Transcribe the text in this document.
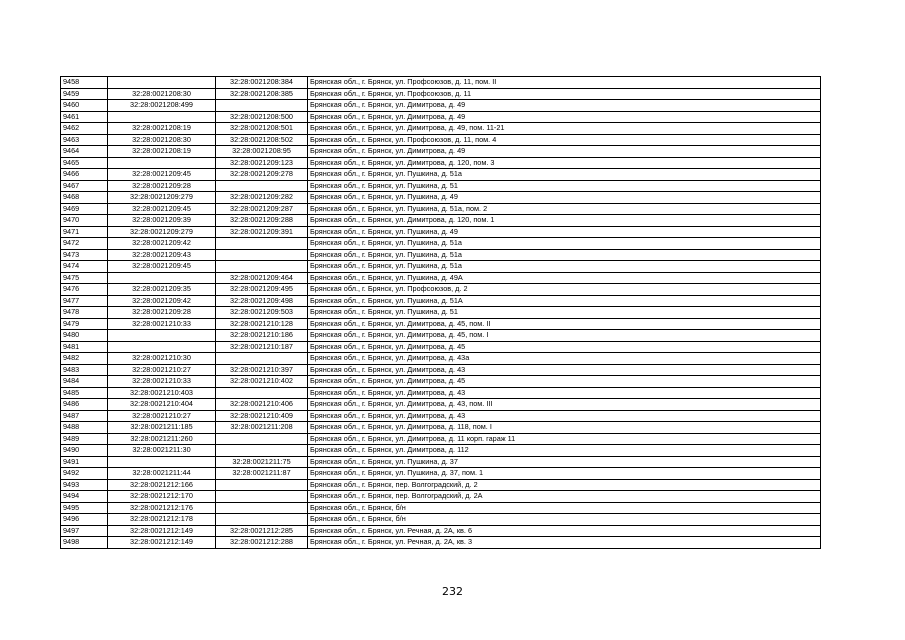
9458		32:28:0021208:384	Брянская обл., г. Брянск, ул. Профсоюзов, д. 11, пом. II
9459	32:28:0021208:30	32:28:0021208:385	Брянская обл., г. Брянск, ул. Профсоюзов, д. 11
9460	32:28:0021208:499		Брянская обл., г. Брянск, ул. Димитрова, д. 49
9461		32:28:0021208:500	Брянская обл., г. Брянск, ул. Димитрова, д. 49
9462	32:28:0021208:19	32:28:0021208:501	Брянская обл., г. Брянск, ул. Димитрова, д. 49, пом. 11-21
9463	32:28:0021208:30	32:28:0021208:502	Брянская обл., г. Брянск, ул. Профсоюзов, д. 11, пом. 4
9464	32:28:0021208:19	32:28:0021208:95	Брянская обл., г. Брянск, ул. Димитрова, д. 49
9465		32:28:0021209:123	Брянская обл., г. Брянск, ул. Димитрова, д. 120, пом. 3
9466	32:28:0021209:45	32:28:0021209:278	Брянская обл., г. Брянск, ул. Пушкина, д. 51а
9467	32:28:0021209:28		Брянская обл., г. Брянск, ул. Пушкина, д. 51
9468	32:28:0021209:279	32:28:0021209:282	Брянская обл., г. Брянск, ул. Пушкина, д. 49
9469	32:28:0021209:45	32:28:0021209:287	Брянская обл., г. Брянск, ул. Пушкина, д. 51а, пом. 2
9470	32:28:0021209:39	32:28:0021209:288	Брянская обл., г. Брянск, ул. Димитрова, д. 120, пом. 1
9471	32:28:0021209:279	32:28:0021209:391	Брянская обл., г. Брянск, ул. Пушкина, д. 49
9472	32:28:0021209:42		Брянская обл., г. Брянск, ул. Пушкина, д. 51а
9473	32:28:0021209:43		Брянская обл., г. Брянск, ул. Пушкина, д. 51а
9474	32:28:0021209:45		Брянская обл., г. Брянск, ул. Пушкина, д. 51а
9475		32:28:0021209:464	Брянская обл., г. Брянск, ул. Пушкина, д. 49А
9476	32:28:0021209:35	32:28:0021209:495	Брянская обл., г. Брянск, ул. Профсоюзов, д. 2
9477	32:28:0021209:42	32:28:0021209:498	Брянская обл., г. Брянск, ул. Пушкина, д. 51А
9478	32:28:0021209:28	32:28:0021209:503	Брянская обл., г. Брянск, ул. Пушкина, д. 51
9479	32:28:0021210:33	32:28:0021210:128	Брянская обл., г. Брянск, ул. Димитрова, д. 45, пом. II
9480		32:28:0021210:186	Брянская обл., г. Брянск, ул. Димитрова, д. 45, пом. I
9481		32:28:0021210:187	Брянская обл., г. Брянск, ул. Димитрова, д. 45
9482	32:28:0021210:30		Брянская обл., г. Брянск, ул. Димитрова, д. 43а
9483	32:28:0021210:27	32:28:0021210:397	Брянская обл., г. Брянск, ул. Димитрова, д. 43
9484	32:28:0021210:33	32:28:0021210:402	Брянская обл., г. Брянск, ул. Димитрова, д. 45
9485	32:28:0021210:403		Брянская обл., г. Брянск, ул. Димитрова, д. 43
9486	32:28:0021210:404	32:28:0021210:406	Брянская обл., г. Брянск, ул. Димитрова, д. 43, пом. III
9487	32:28:0021210:27	32:28:0021210:409	Брянская обл., г. Брянск, ул. Димитрова, д. 43
9488	32:28:0021211:185	32:28:0021211:208	Брянская обл., г. Брянск, ул. Димитрова, д. 118, пом. I
9489	32:28:0021211:260		Брянская обл., г. Брянск, ул. Димитрова, д. 11 корп. гараж 11
9490	32:28:0021211:30		Брянская обл., г. Брянск, ул. Димитрова, д. 112
9491		32:28:0021211:75	Брянская обл., г. Брянск, ул. Пушкина, д. 37
9492	32:28:0021211:44	32:28:0021211:87	Брянская обл., г. Брянск, ул. Пушкина, д. 37, пом. 1
9493	32:28:0021212:166		Брянская обл., г. Брянск, пер. Волгоградский, д. 2
9494	32:28:0021212:170		Брянская обл., г. Брянск, пер. Волгоградский, д. 2А
9495	32:28:0021212:176		Брянская обл., г. Брянск, б/н
9496	32:28:0021212:178		Брянская обл., г. Брянск, б/н
9497	32:28:0021212:149	32:28:0021212:285	Брянская обл., г. Брянск, ул. Речная, д. 2А, кв. 6
9498	32:28:0021212:149	32:28:0021212:288	Брянская обл., г. Брянск, ул. Речная, д. 2А, кв. 3
232
